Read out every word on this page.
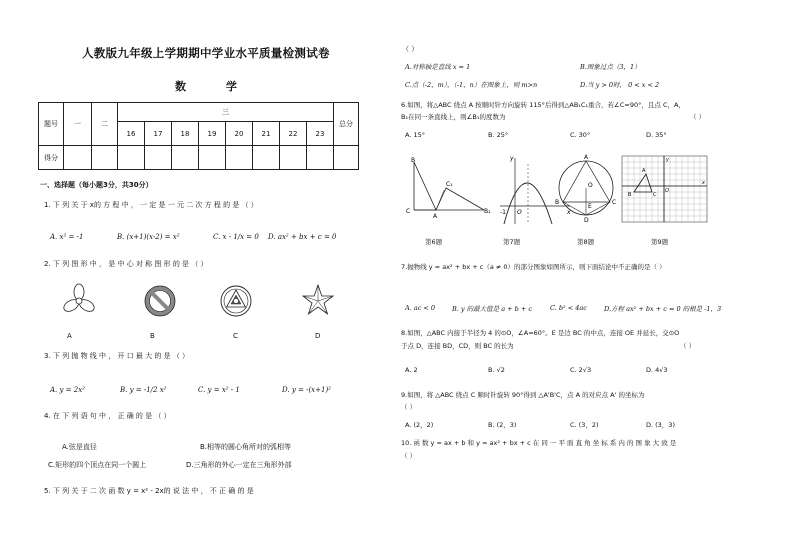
人教版九年级上学期期中学业水平质量检测试卷
数 学
题号	一	二	三								总分
			16	17	18	19	20	21	22	23	
得分											
一、选择题（每小题3分，共30分）
1. 下 列 关 于 x的 方 程 中 ， 一 定 是 一 元 二 次 方 程 的 是 （ ）
A. x² = -1	B. (x+1)(x-2) = x²	C. x - 1/x = 0 D. ax² + bx + c = 0
2. 下 列 图 形 中 ， 是 中 心 对 称 图 形 的 是 （ ）
A	B	C	D
3. 下 列 抛 物 线 中 ， 开 口 最 大 的 是 （ ）
A. y = 2x²	B. y = -1/2 x²	C. y = x² - 1	D. y = -(x+1)²
4. 在 下 列 语 句 中 ， 正 确 的 是 （ ）
A.弦是直径	B.相等的圆心角所对的弧相等
C.矩形的四个顶点在同一个圆上	D.三角形的外心一定在三角形外部
5. 下 列 关 于 二 次 函 数 y = x² - 2x的 说 法 中 ， 不 正 确 的 是
（ ）
A.对称轴是直线 x = 1	B.图象过点（3，1）
C.点（-2，m），（-1，n）在图象上，则 m>n	D.当 y > 0时， 0 < x < 2
6.如图，将△ABC 绕点 A 按顺时针方向旋转 115°后得到△AB₁C₁重合，若∠C=90°，且点 C，A，
B₁在同一条直线上，则∠B₁的度数为	（ ）
A. 15°	B. 25°	C. 30°	D. 35°
B
C
A
B₁
C₁
y
O	x
-1
A
D
O
B	C
E
A
B	C
x
y
O
第6题	第7题	第8题	第9题
7.抛物线 y = ax² + bx + c（a ≠ 0）的部分图象如图所示，则下面结论中不正确的是（ ）
A. ac < 0	B. y 的最大值是 a + b + c	C. b² < 4ac	D.方程 ax² + bx + c = 0 的根是 -1，3
8.如图，△ABC 内接于半径为 4 的⊙O，∠A=60°。E 是边 BC 的中点，连接 OE 并延长，交⊙O
于点 D，连接 BD，CD，则 BC 的长为	（ ）
A. 2	B. √2	C. 2√3	D. 4√3
9.如图，将 △ABC 绕点 C 顺时针旋转 90°得到 △A'B'C，点 A 的对应点 A' 的坐标为
（ ）
A. (2，2)	B. (2，3)	C. (3，2)	D. (3，3)
10. 函 数 y = ax + b 和 y = ax² + bx + c 在 同 一 平 面 直 角 坐 标 系 内 的 图 象 大 致 是
（ ）
